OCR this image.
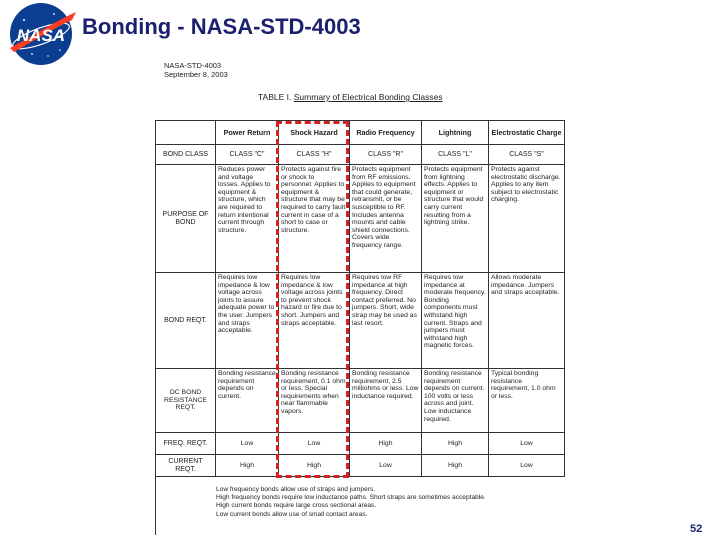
NASA Bonding - NASA-STD-4003
NASA-STD-4003
September 8, 2003
TABLE I. Summary of Electrical Bonding Classes
	Power Return	Shock Hazard	Radio Frequency	Lightning	Electrostatic Charge
BOND CLASS	CLASS "C"	CLASS "H"	CLASS "R"	CLASS "L"	CLASS "S"
PURPOSE OF BOND	Reduces power and voltage losses. Applies to equipment & structure, which are required to return intentional current through structure.	Protects against fire or shock to personnel. Applies to equipment & structure that may be required to carry fault current in case of a short to case or structure.	Protects equipment from RF emissions. Applies to equipment that could generate, retransmit, or be susceptible to RF. Includes antenna mounts and cable shield connections. Covers wide frequency range.	Protects equipment from lightning effects. Applies to equipment or structure that would carry current resulting from a lightning strike.	Protects against electrostatic discharge. Applies to any item subject to electrostatic charging.
BOND REQT.	Requires low impedance & low voltage across joints to assure adequate power to the user. Jumpers and straps acceptable.	Requires low impedance & low voltage across joints to prevent shock hazard or fire due to short. Jumpers and straps acceptable.	Requires low RF impedance at high frequency. Direct contact preferred. No jumpers. Short, wide strap may be used as last resort.	Requires low impedance at moderate frequency. Bonding components must withstand high current. Straps and jumpers must withstand high magnetic forces.	Allows moderate impedance. Jumpers and straps acceptable.
DC BOND RESISTANCE REQT.	Bonding resistance requirement depends on current.	Bonding resistance requirement, 0.1 ohm or less. Special requirements when near flammable vapors.	Bonding resistance requirement, 2.5 milliohms or less. Low inductance required.	Bonding resistance requirement depends on current. 100 volts or less across and joint. Low inductance required.	Typical bonding resistance requirement, 1.0 ohm or less.
FREQ. REQT.	Low	Low	High	High	Low
CURRENT REQT.	High	High	Low	High	Low
Low frequency bonds allow use of straps and jumpers.
High frequency bonds require low inductance paths. Short straps are sometimes acceptable.
High current bonds require large cross sectional areas.
Low current bonds allow use of small contact areas.
52
